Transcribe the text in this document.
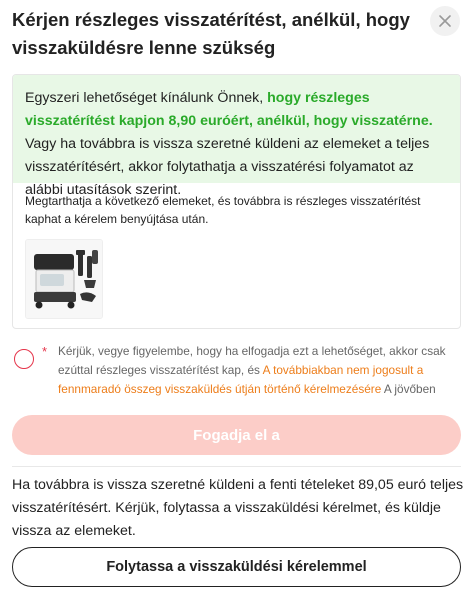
Kérjen részleges visszatérítést, anélkül, hogy visszaküldésre lenne szükség
Egyszeri lehetőséget kínálunk Önnek, hogy részleges visszatérítést kapjon 8,90 euróért, anélkül, hogy visszatérne. Vagy ha továbbra is vissza szeretné küldeni az elemeket a teljes visszatérítésért, akkor folytathatja a visszatérési folyamatot az alábbi utasítások szerint.

Megtarthatja a következő elemeket, és továbbra is részleges visszatérítést kaphat a kérelem benyújtása után.

* Kérjük, vegye figyelembe, hogy ha elfogadja ezt a lehetőséget, akkor csak ezúttal részleges visszatérítést kap, és A továbbiakban nem jogosult a fennmaradó összeg visszaküldés útján történő kérelmezésére A jövőben
Fogadja el a

Ha továbbra is vissza szeretné küldeni a fenti tételeket 89,05 euró teljes visszatérítésért. Kérjük, folytassa a visszaküldési kérelmet, és küldje vissza az elemeket.

Folytassa a visszaküldési kérelemmel
